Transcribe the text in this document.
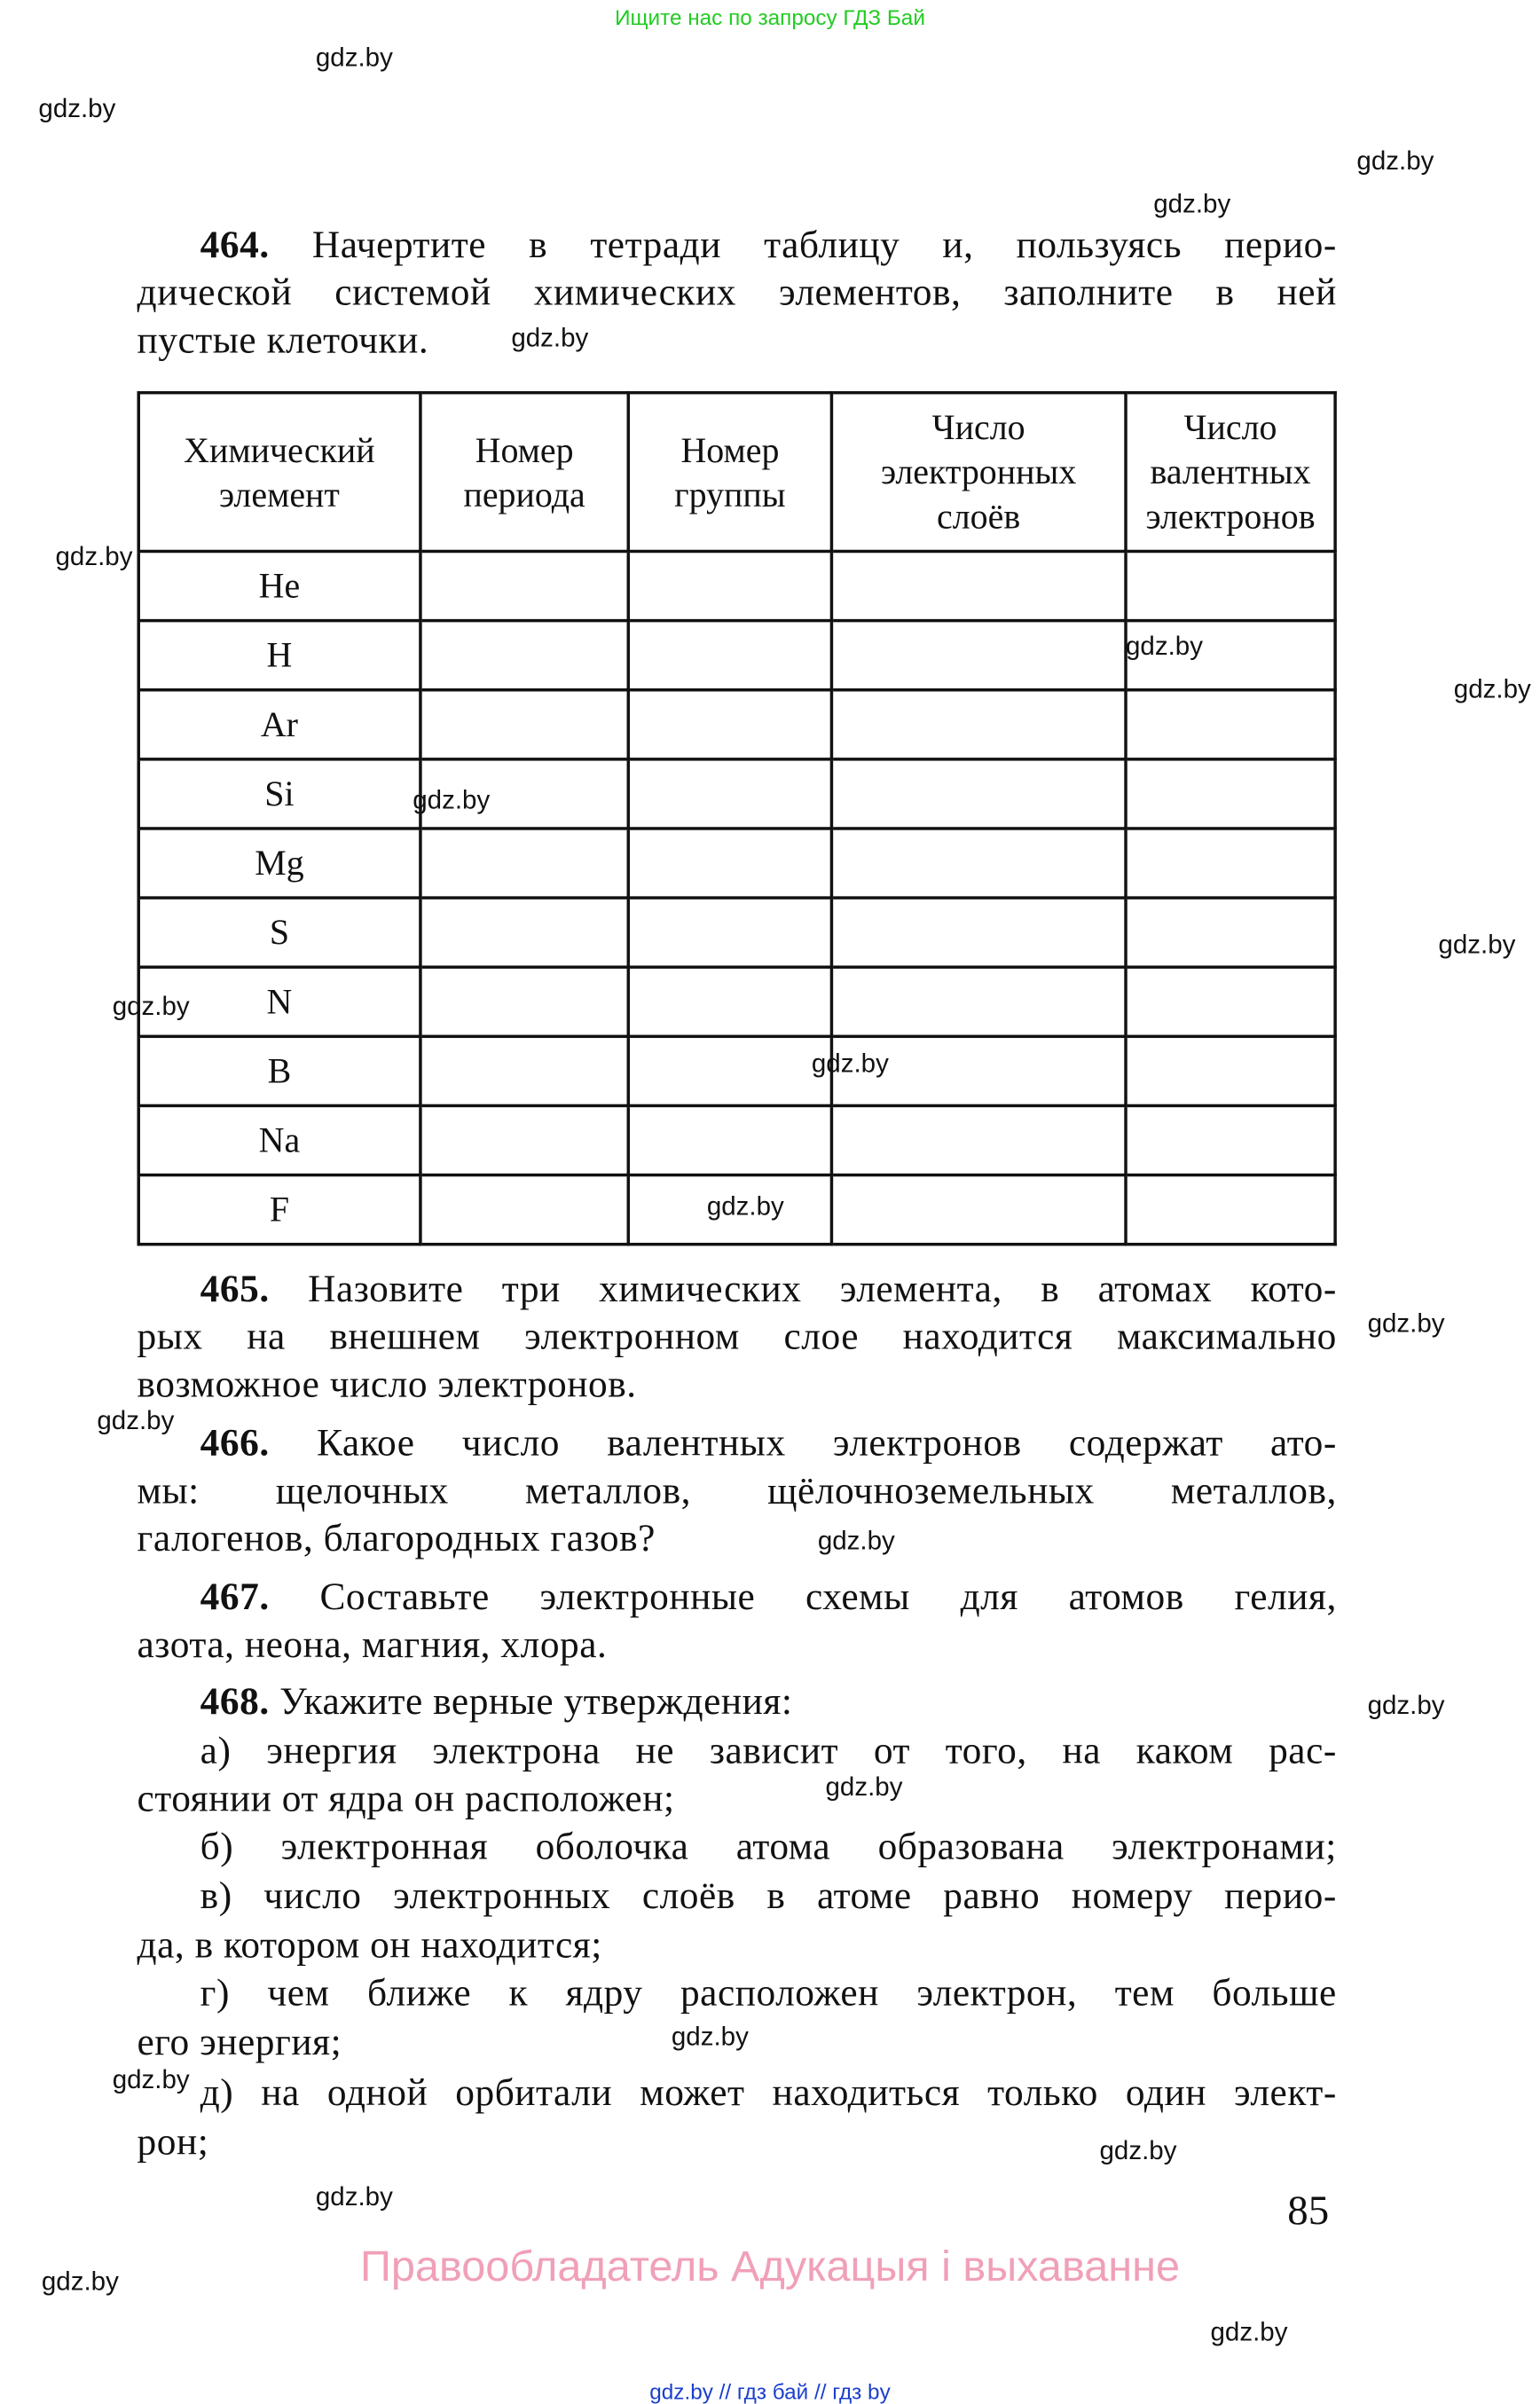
Ищите нас по запросу ГДЗ Бай
464. Начертите в тетради таблицу и, пользуясь перио-
дической системой химических элементов, заполните в ней
пустые клеточки.
Химический элемент	Номер периода	Номер группы	Число электронных слоёв	Число валентных электронов
He				
H				
Ar				
Si				
Mg				
S				
N				
B				
Na				
F				
465. Назовите три химических элемента, в атомах кото-
рых на внешнем электронном слое находится максимально
возможное число электронов.
466. Какое число валентных электронов содержат ато-
мы: щелочных металлов, щёлочноземельных металлов,
галогенов, благородных газов?
467. Составьте электронные схемы для атомов гелия,
азота, неона, магния, хлора.
468. Укажите верные утверждения:
а) энергия электрона не зависит от того, на каком рас-
стоянии от ядра он расположен;
б) электронная оболочка атома образована электронами;
в) число электронных слоёв в атоме равно номеру перио-
да, в котором он находится;
г) чем ближе к ядру расположен электрон, тем больше
его энергия;
д) на одной орбитали может находиться только один элект-
рон;
85
Правообладатель Адукацыя і выхаванне
gdz.by // гдз бай // гдз by
gdz.by
gdz.by
gdz.by
gdz.by
gdz.by
gdz.by
gdz.by
gdz.by
gdz.by
gdz.by
gdz.by
gdz.by
gdz.by
gdz.by
gdz.by
gdz.by
gdz.by
gdz.by
gdz.by
gdz.by
gdz.by
gdz.by
gdz.by
gdz.by
